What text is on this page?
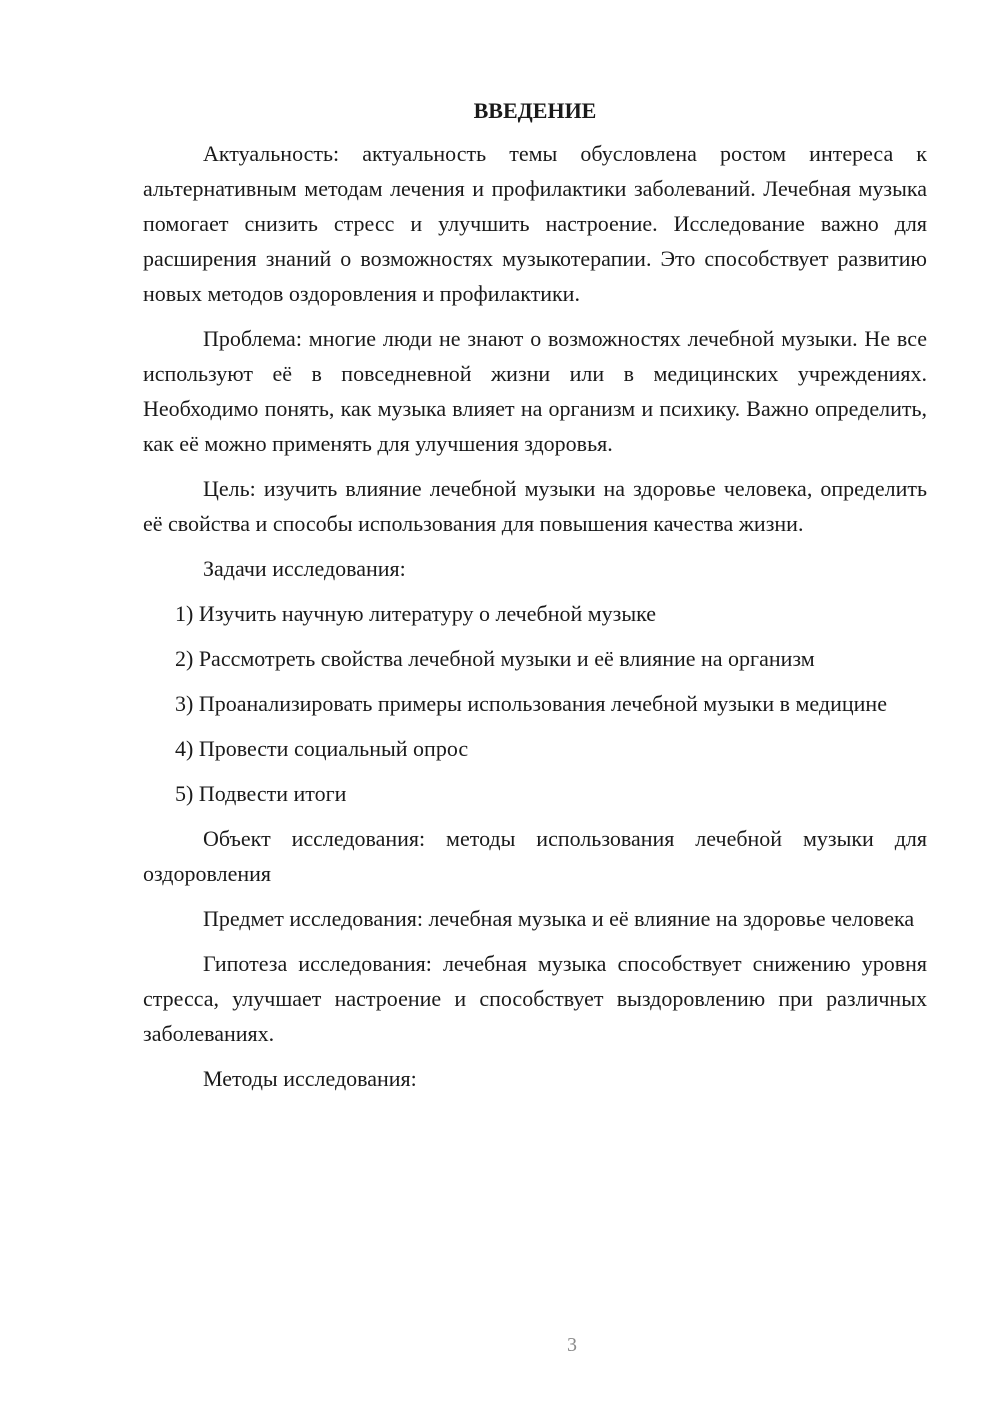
ВВЕДЕНИЕ

Актуальность: актуальность темы обусловлена ростом интереса к альтернативным методам лечения и профилактики заболеваний. Лечебная музыка помогает снизить стресс и улучшить настроение. Исследование важно для расширения знаний о возможностях музыкотерапии. Это способствует развитию новых методов оздоровления и профилактики.

Проблема: многие люди не знают о возможностях лечебной музыки. Не все используют её в повседневной жизни или в медицинских учреждениях. Необходимо понять, как музыка влияет на организм и психику. Важно определить, как её можно применять для улучшения здоровья.

Цель: изучить влияние лечебной музыки на здоровье человека, определить её свойства и способы использования для повышения качества жизни.

Задачи исследования:

1) Изучить научную литературу о лечебной музыке

2) Рассмотреть свойства лечебной музыки и её влияние на организм

3) Проанализировать примеры использования лечебной музыки в медицине

4) Провести социальный опрос

5) Подвести итоги

Объект исследования: методы использования лечебной музыки для оздоровления

Предмет исследования: лечебная музыка и её влияние на здоровье человека

Гипотеза исследования: лечебная музыка способствует снижению уровня стресса, улучшает настроение и способствует выздоровлению при различных заболеваниях.

Методы исследования:

3
